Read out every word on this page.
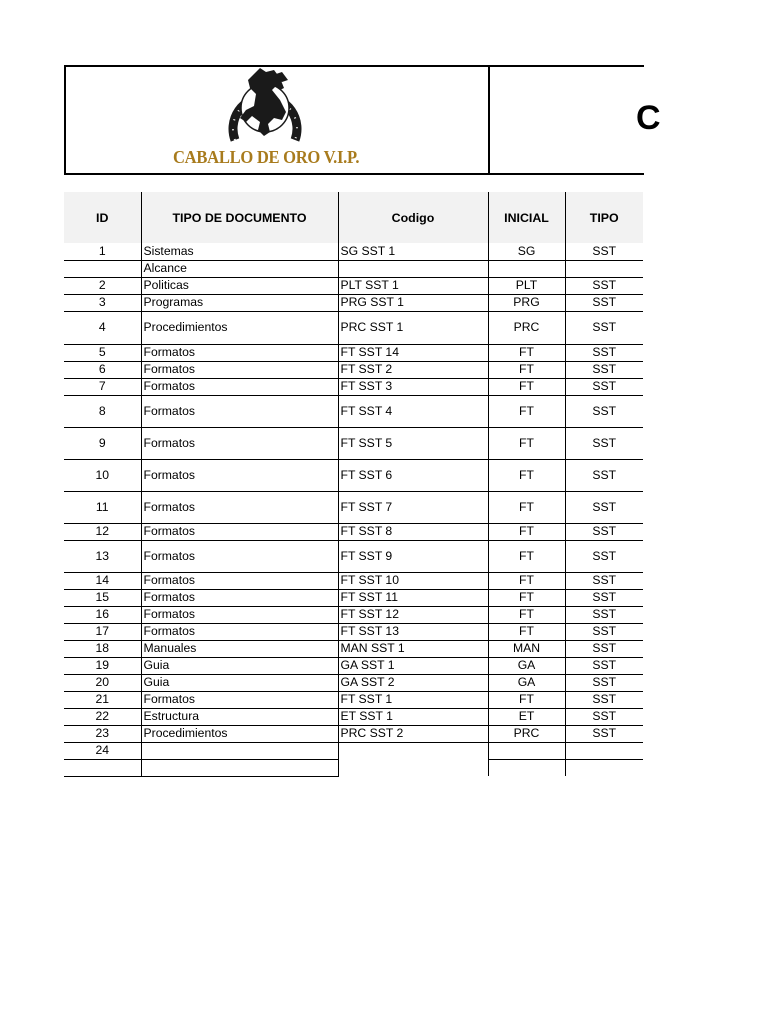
CABALLO DE ORO V.I.P.
C
ID	TIPO DE DOCUMENTO	Codigo	INICIAL	TIPO
1	Sistemas	SG SST 1	SG	SST
	Alcance			
2	Politicas	PLT SST 1	PLT	SST
3	Programas	PRG SST 1	PRG	SST
4	Procedimientos	PRC SST 1	PRC	SST
5	Formatos	FT SST 14	FT	SST
6	Formatos	FT SST 2	FT	SST
7	Formatos	FT SST 3	FT	SST
8	Formatos	FT SST 4	FT	SST
9	Formatos	FT SST 5	FT	SST
10	Formatos	FT SST 6	FT	SST
11	Formatos	FT SST 7	FT	SST
12	Formatos	FT SST 8	FT	SST
13	Formatos	FT SST 9	FT	SST
14	Formatos	FT SST 10	FT	SST
15	Formatos	FT SST 11	FT	SST
16	Formatos	FT SST 12	FT	SST
17	Formatos	FT SST 13	FT	SST
18	Manuales	MAN SST 1	MAN	SST
19	Guia	GA SST 1	GA	SST
20	Guia	GA SST 2	GA	SST
21	Formatos	FT SST 1	FT	SST
22	Estructura	ET SST 1	ET	SST
23	Procedimientos	PRC SST 2	PRC	SST
24				
